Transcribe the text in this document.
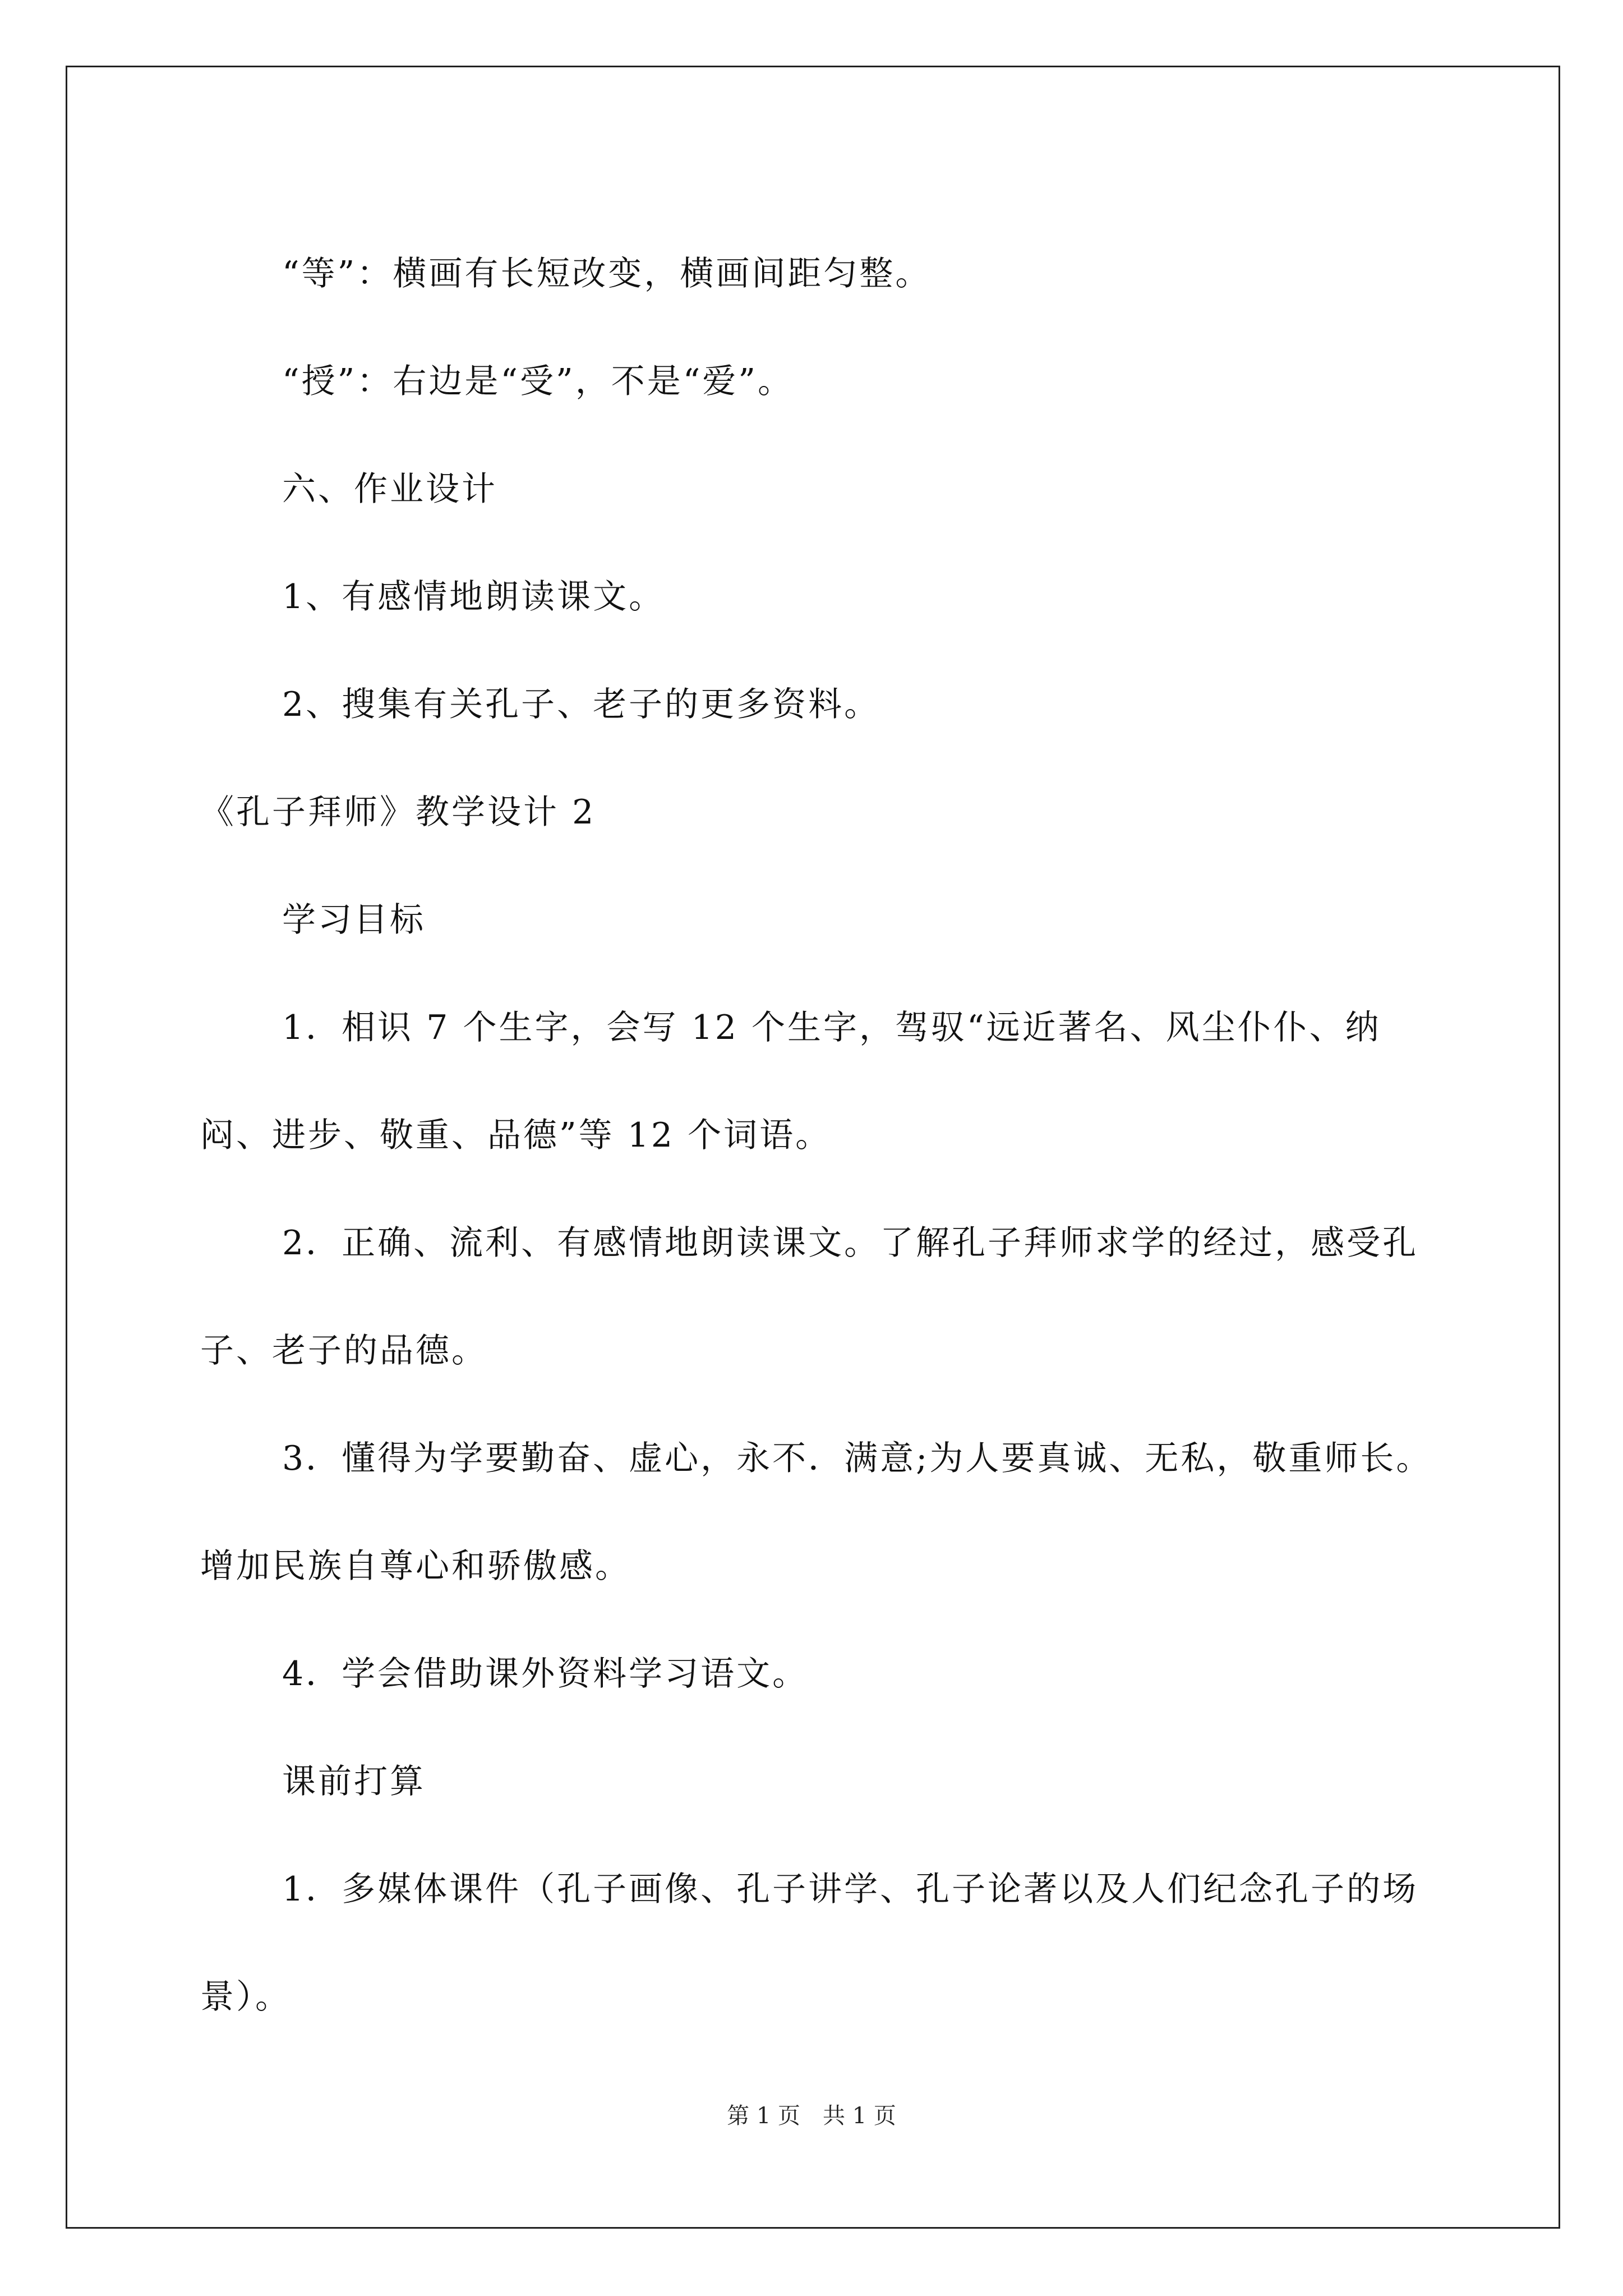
“等”：横画有长短改变，横画间距匀整。

“授”：右边是“受”，不是“爱”。

六、作业设计

1、有感情地朗读课文。

2、搜集有关孔子、老子的更多资料。

《孔子拜师》教学设计 2

学习目标

1．相识 7 个生字，会写 12 个生字，驾驭“远近著名、风尘仆仆、纳闷、进步、敬重、品德”等 12 个词语。

2．正确、流利、有感情地朗读课文。了解孔子拜师求学的经过，感受孔子、老子的品德。

3．懂得为学要勤奋、虚心，永不．满意;为人要真诚、无私，敬重师长。增加民族自尊心和骄傲感。

4．学会借助课外资料学习语文。

课前打算

1．多媒体课件（孔子画像、孔子讲学、孔子论著以及人们纪念孔子的场景）。

第 1 页　共 1 页
